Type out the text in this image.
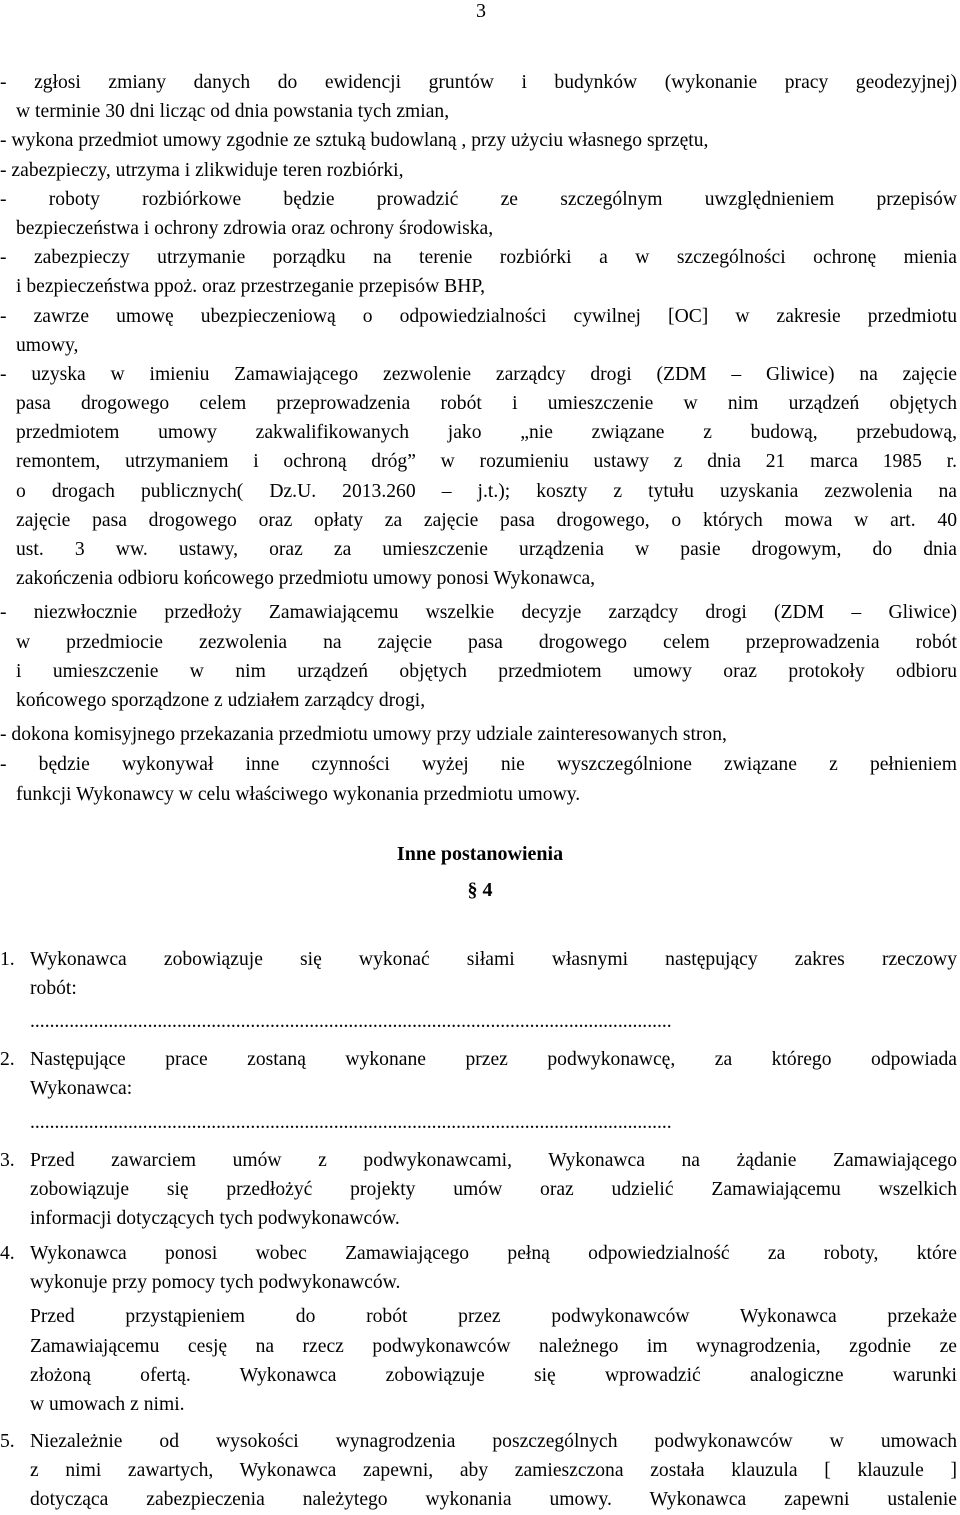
3
- zgłosi zmiany danych do ewidencji gruntów i budynków (wykonanie pracy geodezyjnej)
w terminie 30 dni licząc od dnia powstania tych zmian,
- wykona przedmiot umowy zgodnie ze sztuką budowlaną , przy użyciu własnego sprzętu,
- zabezpieczy, utrzyma i zlikwiduje teren rozbiórki,
- roboty rozbiórkowe będzie prowadzić ze szczególnym uwzględnieniem przepisów
bezpieczeństwa i ochrony zdrowia oraz ochrony środowiska,
- zabezpieczy utrzymanie porządku na terenie rozbiórki a w szczególności ochronę mienia
i bezpieczeństwa ppoż. oraz przestrzeganie przepisów BHP,
- zawrze umowę ubezpieczeniową o odpowiedzialności cywilnej [OC] w zakresie przedmiotu
umowy,
- uzyska w imieniu Zamawiającego zezwolenie zarządcy drogi (ZDM – Gliwice) na zajęcie
pasa drogowego celem przeprowadzenia robót i umieszczenie w nim urządzeń objętych
przedmiotem umowy zakwalifikowanych jako „nie związane z budową, przebudową,
remontem, utrzymaniem i ochroną dróg” w rozumieniu ustawy z dnia 21 marca 1985 r.
o drogach publicznych( Dz.U. 2013.260 – j.t.); koszty z tytułu uzyskania zezwolenia na
zajęcie pasa drogowego oraz opłaty za zajęcie pasa drogowego, o których mowa w art. 40
ust. 3 ww. ustawy, oraz za umieszczenie urządzenia w pasie drogowym, do dnia
zakończenia odbioru końcowego przedmiotu umowy ponosi Wykonawca,
- niezwłocznie przedłoży Zamawiającemu wszelkie decyzje zarządcy drogi (ZDM – Gliwice)
w przedmiocie zezwolenia na zajęcie pasa drogowego celem przeprowadzenia robót
i umieszczenie w nim urządzeń objętych przedmiotem umowy oraz protokoły odbioru
końcowego sporządzone z udziałem zarządcy drogi,
- dokona komisyjnego przekazania przedmiotu umowy przy udziale zainteresowanych stron,
- będzie wykonywał inne czynności wyżej nie wyszczególnione związane z pełnieniem
funkcji Wykonawcy w celu właściwego wykonania przedmiotu umowy.
Inne postanowienia
§ 4
1. Wykonawca zobowiązuje się wykonać siłami własnymi następujący zakres rzeczowy
robót:
...................................................................................................................................
2. Następujące prace zostaną wykonane przez podwykonawcę, za którego odpowiada
Wykonawca:
...................................................................................................................................
3. Przed zawarciem umów z podwykonawcami, Wykonawca na żądanie Zamawiającego
zobowiązuje się przedłożyć projekty umów oraz udzielić Zamawiającemu wszelkich
informacji dotyczących tych podwykonawców.
4. Wykonawca ponosi wobec Zamawiającego pełną odpowiedzialność za roboty, które
wykonuje przy pomocy tych podwykonawców.
Przed przystąpieniem do robót przez podwykonawców Wykonawca przekaże
Zamawiającemu cesję na rzecz podwykonawców należnego im wynagrodzenia, zgodnie ze
złożoną ofertą. Wykonawca zobowiązuje się wprowadzić analogiczne warunki
w umowach z nimi.
5. Niezależnie od wysokości wynagrodzenia poszczególnych podwykonawców w umowach
z nimi zawartych, Wykonawca zapewni, aby zamieszczona została klauzula [ klauzule ]
dotycząca zabezpieczenia należytego wykonania umowy. Wykonawca zapewni ustalenie
